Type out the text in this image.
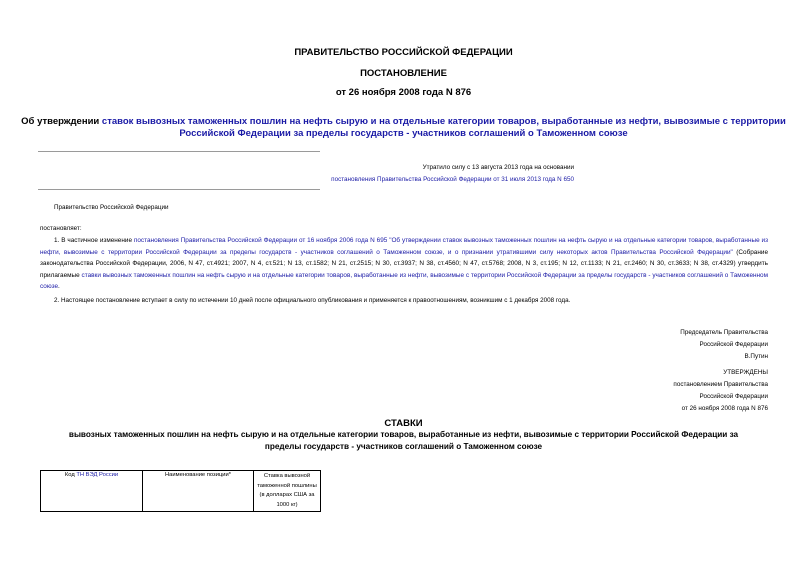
ПРАВИТЕЛЬСТВО РОССИЙСКОЙ ФЕДЕРАЦИИ
ПОСТАНОВЛЕНИЕ
от 26 ноября 2008 года N 876
Об утверждении ставок вывозных таможенных пошлин на нефть сырую и на отдельные категории товаров, выработанные из нефти, вывозимые с территории
Российской Федерации за пределы государств - участников соглашений о Таможенном союзе
Утратило силу с 13 августа 2013 года на основании
постановления Правительства Российской Федерации от 31 июля 2013 года N 650
Правительство Российской Федерации
постановляет:
1. В частичное изменение постановления Правительства Российской Федерации от 16 ноября 2006 года N 695 "Об утверждении ставок вывозных таможенных пошлин на нефть сырую и на отдельные категории товаров, выработанные из нефти, вывозимые с территории Российской Федерации за пределы государств - участников соглашений о Таможенном союзе, и о признании утратившими силу некоторых актов Правительства Российской Федерации" (Собрание законодательства Российской Федерации, 2006, N 47, ст.4921; 2007, N 4, ст.521; N 13, ст.1582; N 21, ст.2515; N 30, ст.3937; N 38, ст.4560; N 47, ст.5768; 2008, N 3, ст.195; N 12, ст.1133; N 21, ст.2460; N 30, ст.3633; N 38, ст.4329) утвердить прилагаемые ставки вывозных таможенных пошлин на нефть сырую и на отдельные категории товаров, выработанные из нефти, вывозимые с территории Российской Федерации за пределы государств - участников соглашений о Таможенном союзе.
2. Настоящее постановление вступает в силу по истечении 10 дней после официального опубликования и применяется к правоотношениям, возникшим с 1 декабря 2008 года.
Председатель Правительства
Российской Федерации
В.Путин
УТВЕРЖДЕНЫ
постановлением Правительства
Российской Федерации
от 26 ноября 2008 года N 876
СТАВКИ
вывозных таможенных пошлин на нефть сырую и на отдельные категории товаров, выработанные из нефти, вывозимые с территории Российской Федерации за
пределы государств - участников соглашений о Таможенном союзе
Код ТН ВЭД России	Наименование позиции*	Ставка вывозной
таможенной пошлины
(в долларах США за
1000 кг)
